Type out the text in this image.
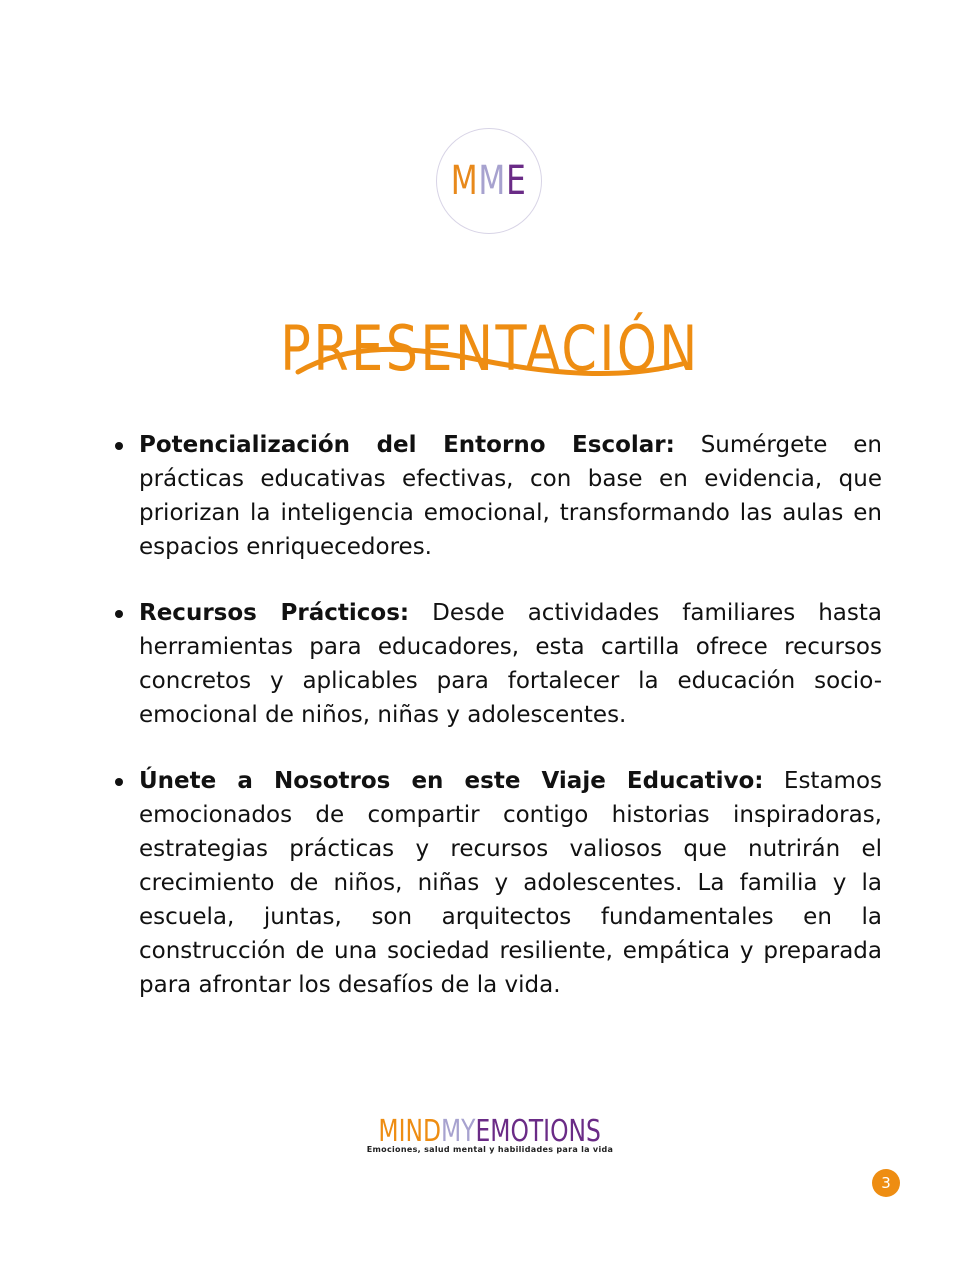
MME
PRESENTACIÓN
Potencialización del Entorno Escolar: Sumérgete en prácticas educativas efectivas, con base en evidencia, que priorizan la inteligencia emocional, transformando las aulas en espacios enriquecedores.
Recursos Prácticos: Desde actividades familiares hasta herramientas para educadores, esta cartilla ofrece recursos concretos y aplicables para fortalecer la educación socio-emocional de niños, niñas y adolescentes.
Únete a Nosotros en este Viaje Educativo: Estamos emocionados de compartir contigo historias inspiradoras, estrategias prácticas y recursos valiosos que nutrirán el crecimiento de niños, niñas y adolescentes. La familia y la escuela, juntas, son arquitectos fundamentales en la construcción de una sociedad resiliente, empática y preparada para afrontar los desafíos de la vida.
MINDMYEMOTIONS
Emociones, salud mental y habilidades para la vida
3
